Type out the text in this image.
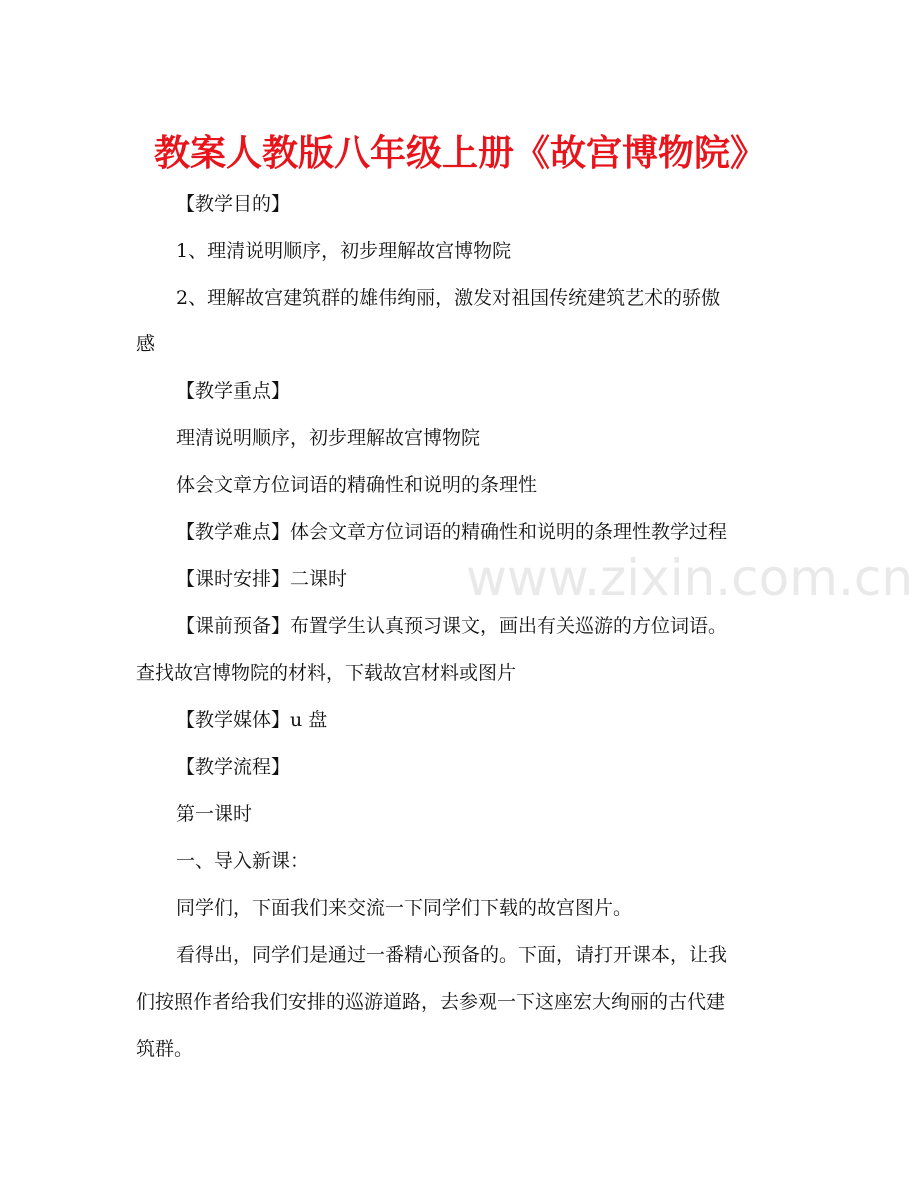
教案人教版八年级上册《故宫博物院》
www.zixin.com.cn
【教学目的】
1、理清说明顺序，初步理解故宫博物院
2、理解故宫建筑群的雄伟绚丽，激发对祖国传统建筑艺术的骄傲
感
【教学重点】
理清说明顺序，初步理解故宫博物院
体会文章方位词语的精确性和说明的条理性
【教学难点】体会文章方位词语的精确性和说明的条理性教学过程
【课时安排】二课时
【课前预备】布置学生认真预习课文，画出有关巡游的方位词语。
查找故宫博物院的材料，下载故宫材料或图片
【教学媒体】u 盘
【教学流程】
第一课时
一、导入新课：
同学们，下面我们来交流一下同学们下载的故宫图片。
看得出，同学们是通过一番精心预备的。下面，请打开课本，让我
们按照作者给我们安排的巡游道路，去参观一下这座宏大绚丽的古代建
筑群。
